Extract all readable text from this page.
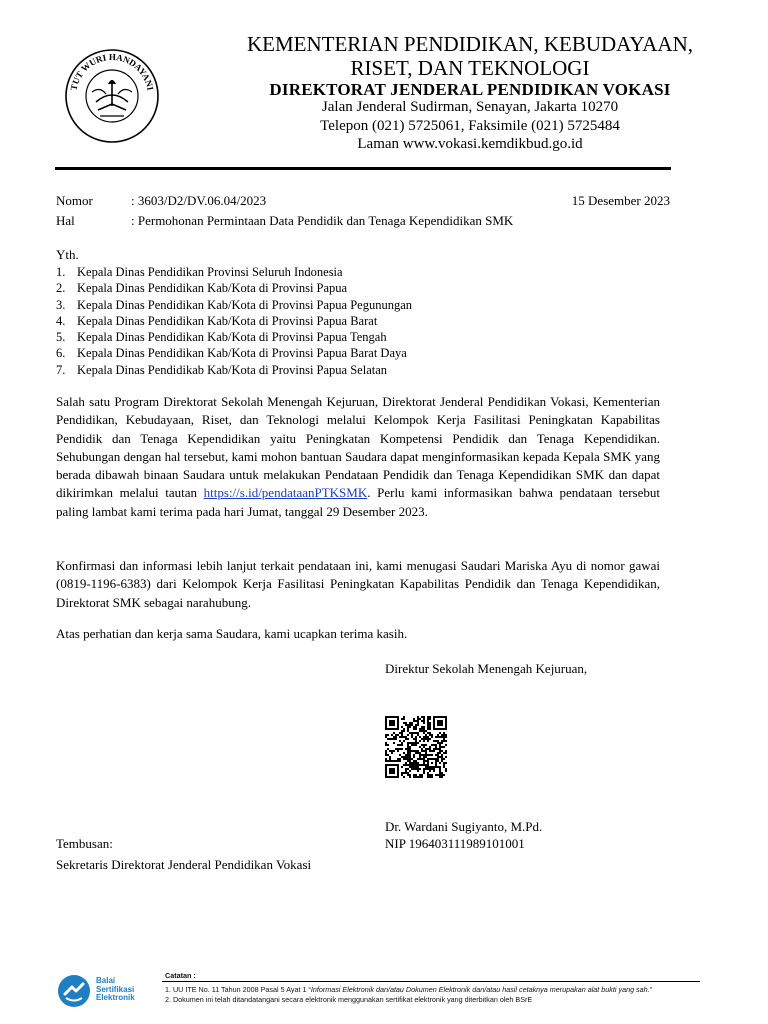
TUT WURI HANDAYANI
KEMENTERIAN PENDIDIKAN, KEBUDAYAAN,
RISET, DAN TEKNOLOGI
DIREKTORAT JENDERAL PENDIDIKAN VOKASI
Jalan Jenderal Sudirman, Senayan, Jakarta 10270
Telepon (021) 5725061, Faksimile (021) 5725484
Laman www.vokasi.kemdikbud.go.id
Nomor	: 3603/D2/DV.06.04/2023	15 Desember 2023
Hal	: Permohonan Permintaan Data Pendidik dan Tenaga Kependidikan SMK
Yth.
1. Kepala Dinas Pendidikan Provinsi Seluruh Indonesia
2. Kepala Dinas Pendidikan Kab/Kota di Provinsi Papua
3. Kepala Dinas Pendidikan Kab/Kota di Provinsi Papua Pegunungan
4. Kepala Dinas Pendidikan Kab/Kota di Provinsi Papua Barat
5. Kepala Dinas Pendidikan Kab/Kota di Provinsi Papua Tengah
6. Kepala Dinas Pendidikan Kab/Kota di Provinsi Papua Barat Daya
7. Kepala Dinas Pendidikab Kab/Kota di Provinsi Papua Selatan
Salah satu Program Direktorat Sekolah Menengah Kejuruan, Direktorat Jenderal Pendidikan Vokasi, Kementerian Pendidikan, Kebudayaan, Riset, dan Teknologi melalui Kelompok Kerja Fasilitasi Peningkatan Kapabilitas Pendidik dan Tenaga Kependidikan yaitu Peningkatan Kompetensi Pendidik dan Tenaga Kependidikan. Sehubungan dengan hal tersebut, kami mohon bantuan Saudara dapat menginformasikan kepada Kepala SMK yang berada dibawah binaan Saudara untuk melakukan Pendataan Pendidik dan Tenaga Kependidikan SMK dan dapat dikirimkan melalui tautan https://s.id/pendataanPTKSMK. Perlu kami informasikan bahwa pendataan tersebut paling lambat kami terima pada hari Jumat, tanggal 29 Desember 2023.
Konfirmasi dan informasi lebih lanjut terkait pendataan ini, kami menugasi Saudari Mariska Ayu di nomor gawai (0819-1196-6383) dari Kelompok Kerja Fasilitasi Peningkatan Kapabilitas Pendidik dan Tenaga Kependidikan, Direktorat SMK sebagai narahubung.
Atas perhatian dan kerja sama Saudara, kami ucapkan terima kasih.
Direktur Sekolah Menengah Kejuruan,
Dr. Wardani Sugiyanto, M.Pd.
NIP 196403111989101001
Tembusan:
Sekretaris Direktorat Jenderal Pendidikan Vokasi
Balai
Sertifikasi
Elektronik
Catatan :
1. UU ITE No. 11 Tahun 2008 Pasal 5 Ayat 1 “Informasi Elektronik dan/atau Dokumen Elektronik dan/atau hasil cetaknya merupakan alat bukti yang sah.”
2. Dokumen ini telah ditandatangani secara elektronik menggunakan sertifikat elektronik yang diterbitkan oleh BSrE
